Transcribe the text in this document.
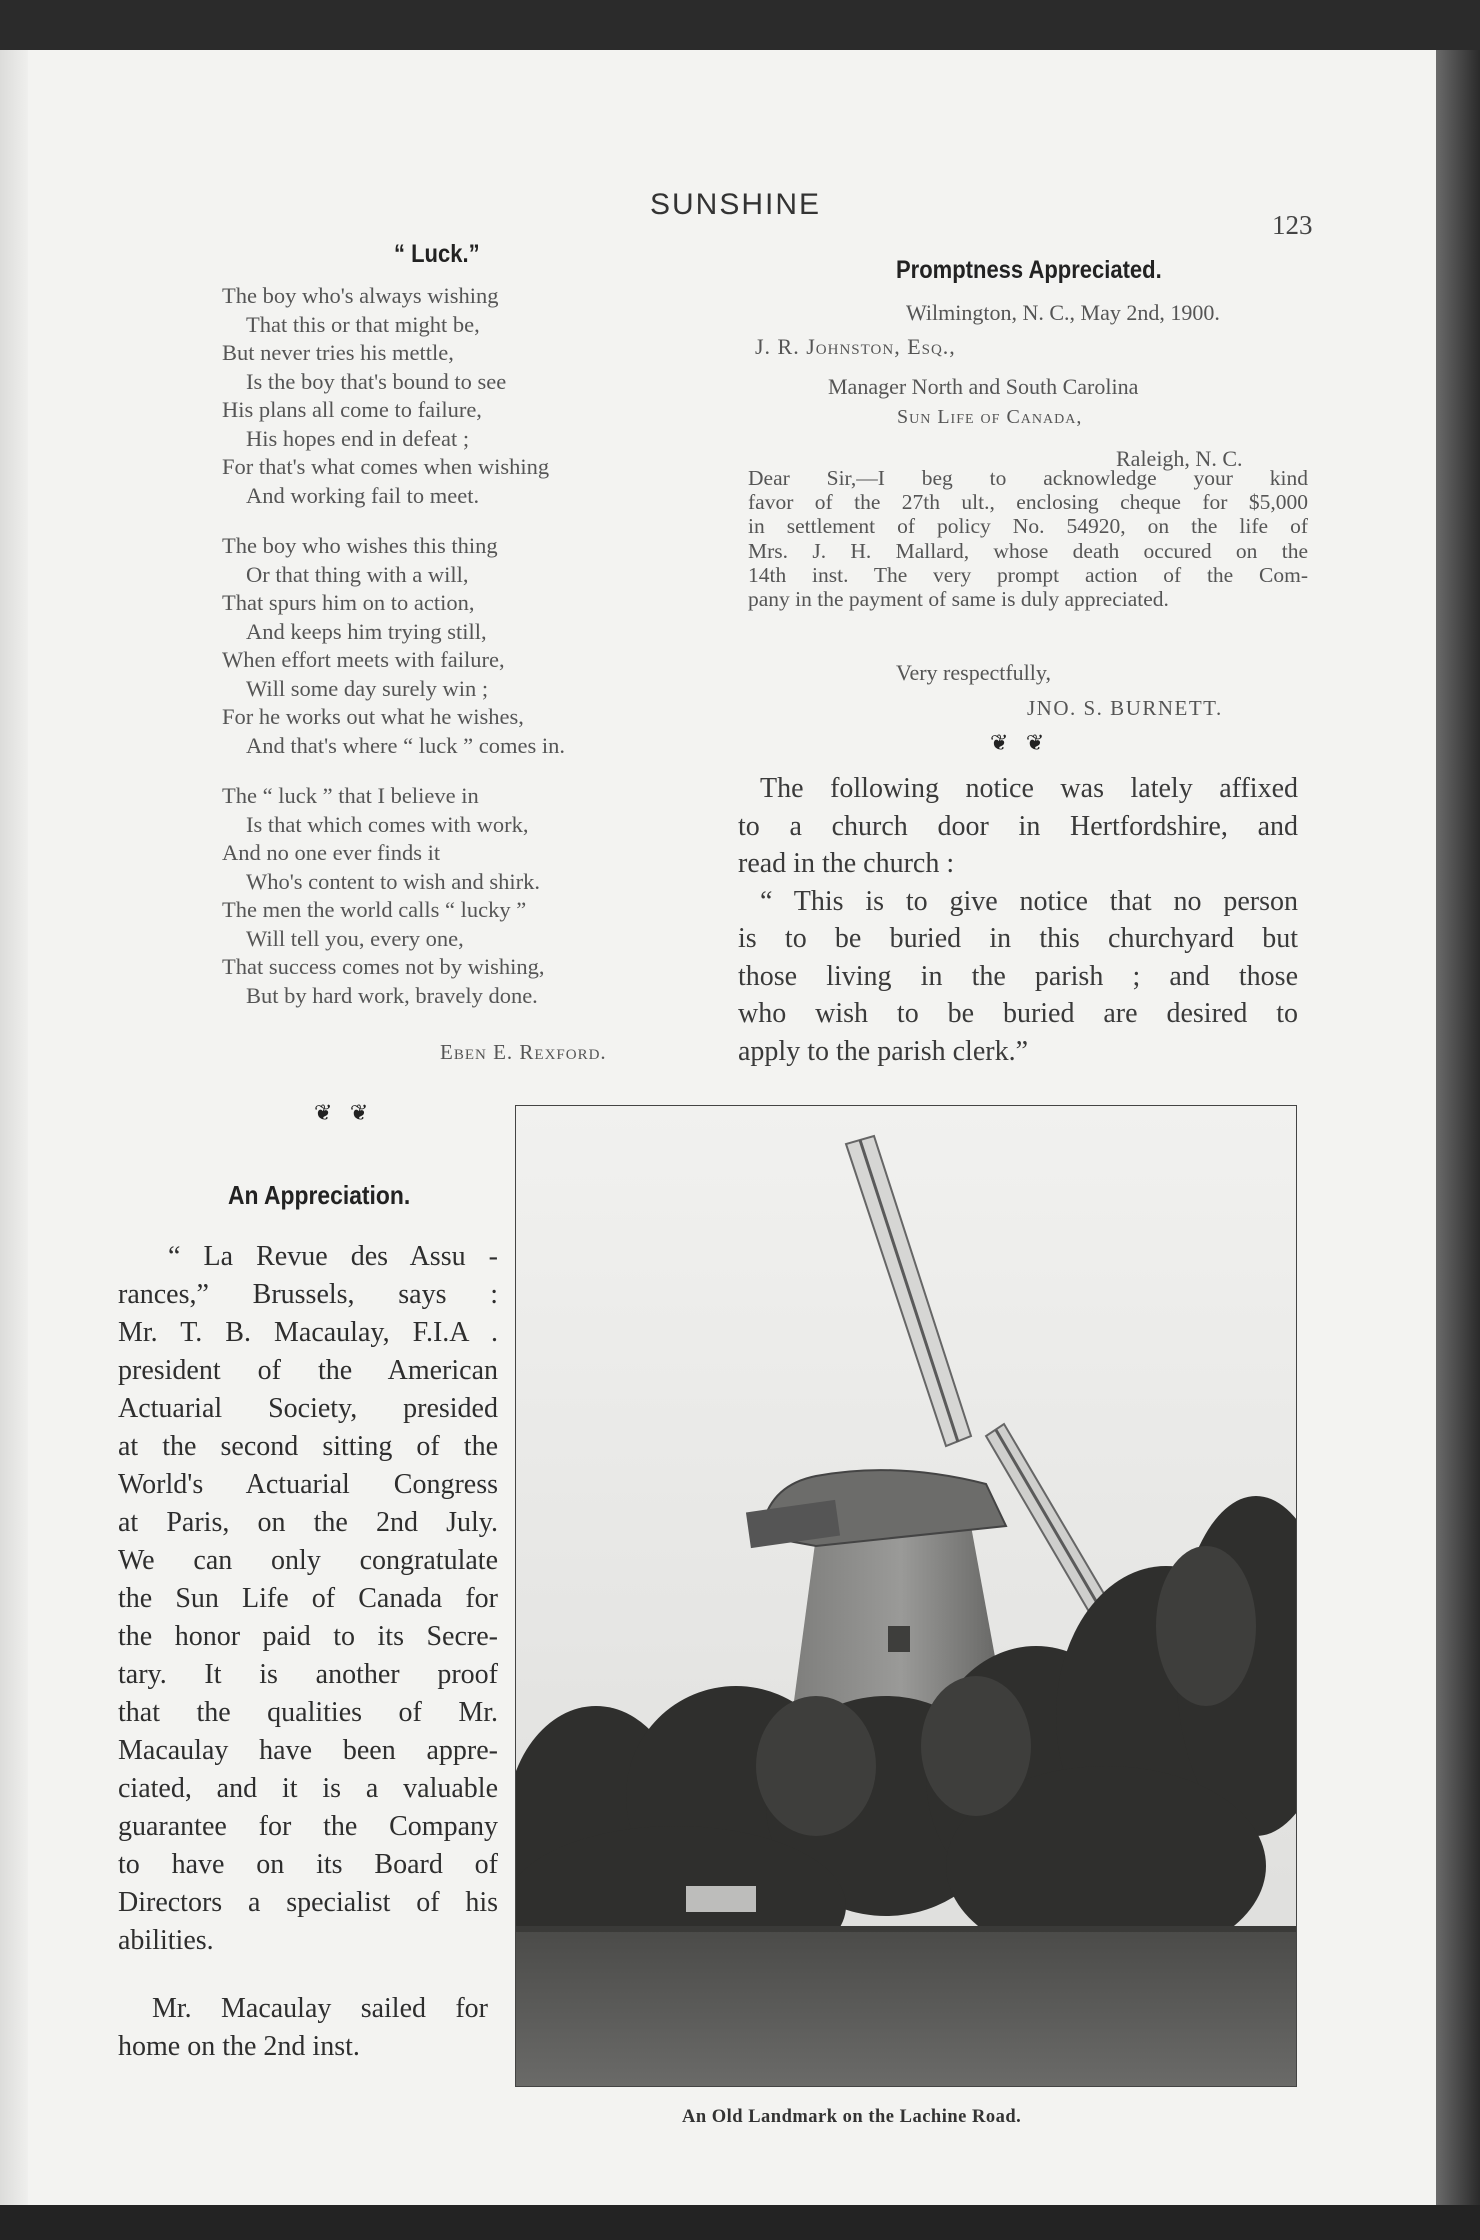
SUNSHINE
123
“ Luck.”
The boy who's always wishing
That this or that might be,
But never tries his mettle,
Is the boy that's bound to see
His plans all come to failure,
His hopes end in defeat ;
For that's what comes when wishing
And working fail to meet.
The boy who wishes this thing
Or that thing with a will,
That spurs him on to action,
And keeps him trying still,
When effort meets with failure,
Will some day surely win ;
For he works out what he wishes,
And that's where “ luck ” comes in.
The “ luck ” that I believe in
Is that which comes with work,
And no one ever finds it
Who's content to wish and shirk.
The men the world calls “ lucky ”
Will tell you, every one,
That success comes not by wishing,
But by hard work, bravely done.
Eben E. Rexford.
Promptness Appreciated.
Wilmington, N. C., May 2nd, 1900.
J. R. Johnston, Esq.,
Manager North and South Carolina
Sun Life of Canada,
Raleigh, N. C.
Dear Sir,—I beg to acknowledge your kind
favor of the 27th ult., enclosing cheque for $5,000
in settlement of policy No. 54920, on the life of
Mrs. J. H. Mallard, whose death occured on the
14th inst. The very prompt action of the Com-
pany in the payment of same is duly appreciated.
Very respectfully,
JNO. S. BURNETT.
❦ ❦
The following notice was lately affixed
to a church door in Hertfordshire, and
read in the church :
“ This is to give notice that no person
is to be buried in this churchyard but
those living in the parish ; and those
who wish to be buried are desired to
apply to the parish clerk.”
❦ ❦
An Appreciation.
“ La Revue des Assu -
rances,” Brussels, says :
Mr. T. B. Macaulay, F.I.A .
president of the American
Actuarial Society, presided
at the second sitting of the
World's Actuarial Congress
at Paris, on the 2nd July.
We can only congratulate
the Sun Life of Canada for
the honor paid to its Secre-
tary. It is another proof
that the qualities of Mr.
Macaulay have been appre-
ciated, and it is a valuable
guarantee for the Company
to have on its Board of
Directors a specialist of his
abilities.
Mr. Macaulay sailed for
home on the 2nd inst.
An Old Landmark on the Lachine Road.
